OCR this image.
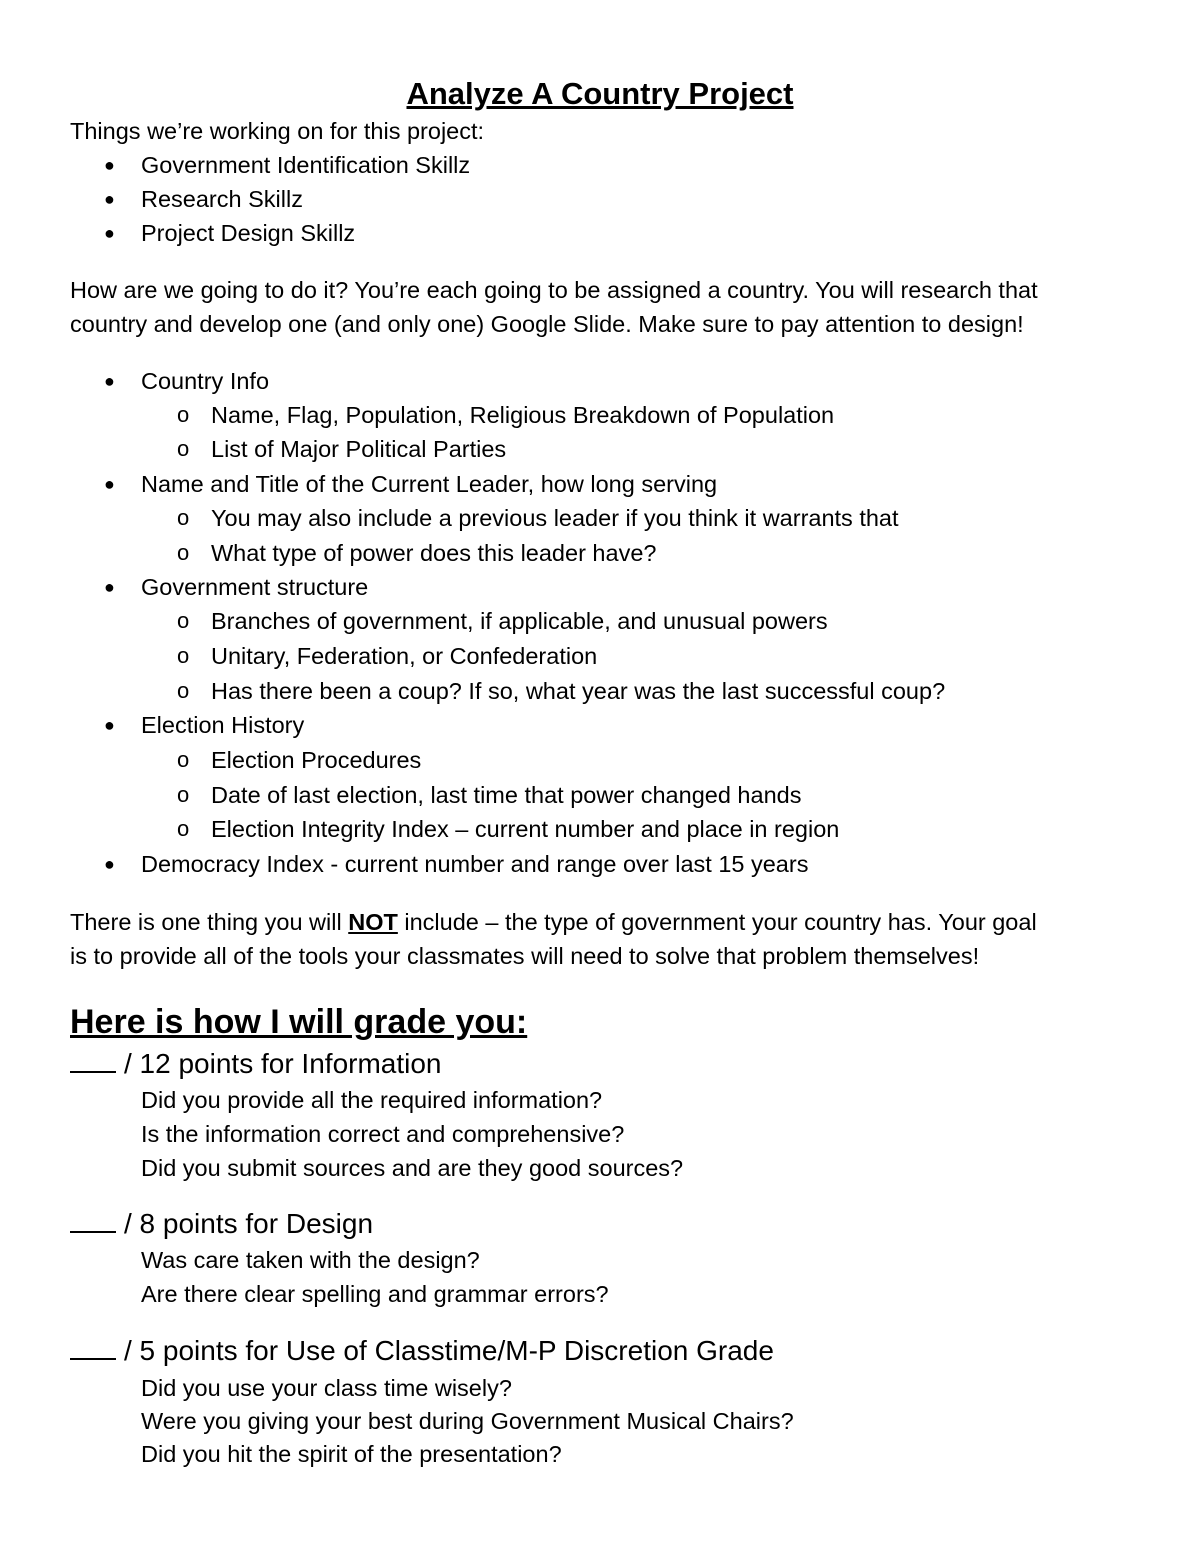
Analyze A Country Project
Things we’re working on for this project:
● Government Identification Skillz
● Research Skillz
● Project Design Skillz
How are we going to do it? You’re each going to be assigned a country. You will research that
country and develop one (and only one) Google Slide. Make sure to pay attention to design!
● Country Info
o Name, Flag, Population, Religious Breakdown of Population
o List of Major Political Parties
● Name and Title of the Current Leader, how long serving
o You may also include a previous leader if you think it warrants that
o What type of power does this leader have?
● Government structure
o Branches of government, if applicable, and unusual powers
o Unitary, Federation, or Confederation
o Has there been a coup? If so, what year was the last successful coup?
● Election History
o Election Procedures
o Date of last election, last time that power changed hands
o Election Integrity Index – current number and place in region
● Democracy Index - current number and range over last 15 years
There is one thing you will NOT include – the type of government your country has. Your goal
is to provide all of the tools your classmates will need to solve that problem themselves!
Here is how I will grade you:
/ 12 points for Information
Did you provide all the required information?
Is the information correct and comprehensive?
Did you submit sources and are they good sources?
/ 8 points for Design
Was care taken with the design?
Are there clear spelling and grammar errors?
/ 5 points for Use of Classtime/M-P Discretion Grade
Did you use your class time wisely?
Were you giving your best during Government Musical Chairs?
Did you hit the spirit of the presentation?
